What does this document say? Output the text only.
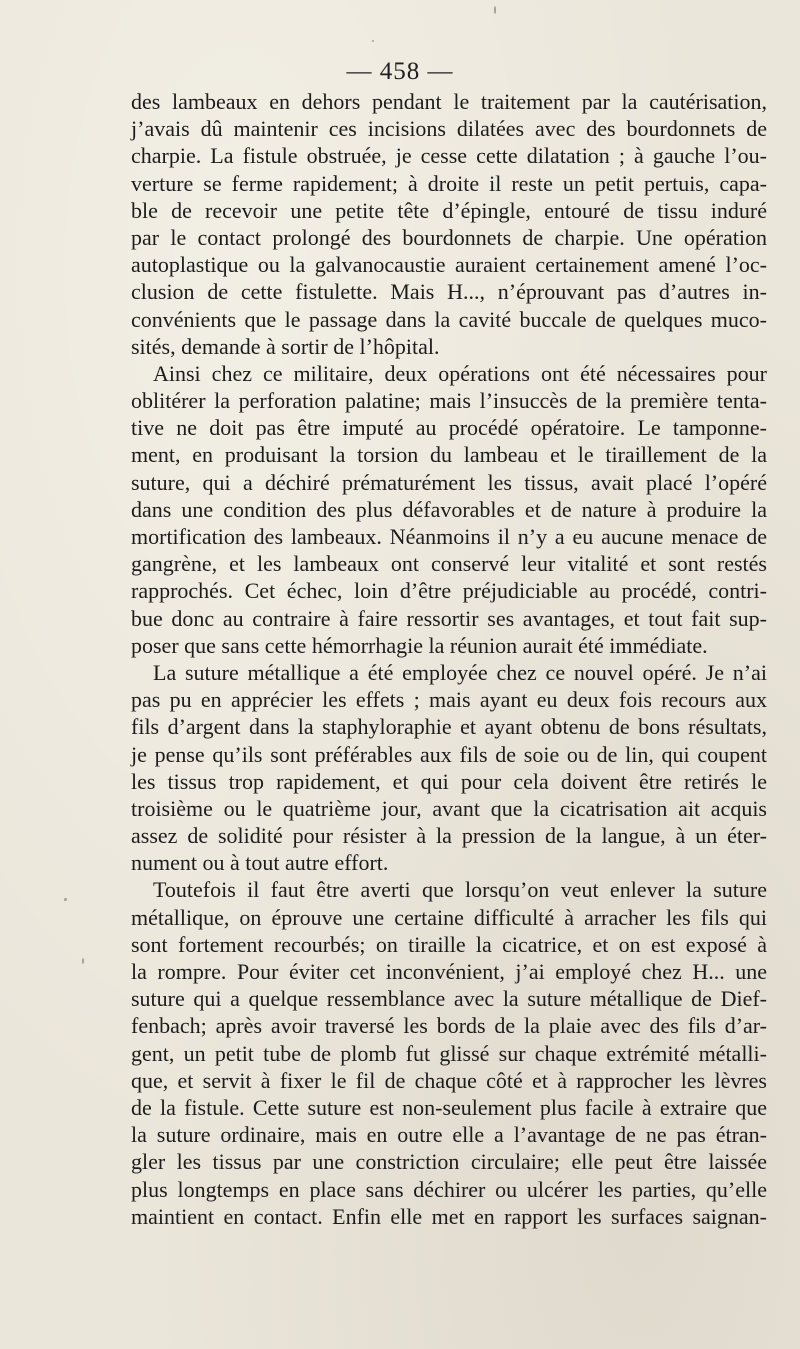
— 458 —
des lambeaux en dehors pendant le traitement par la cautérisation,
j’avais dû maintenir ces incisions dilatées avec des bourdonnets de
charpie. La fistule obstruée, je cesse cette dilatation ; à gauche l’ou-
verture se ferme rapidement; à droite il reste un petit pertuis, capa-
ble de recevoir une petite tête d’épingle, entouré de tissu induré
par le contact prolongé des bourdonnets de charpie. Une opération
autoplastique ou la galvanocaustie auraient certainement amené l’oc-
clusion de cette fistulette. Mais H..., n’éprouvant pas d’autres in-
convénients que le passage dans la cavité buccale de quelques muco-
sités, demande à sortir de l’hôpital.
Ainsi chez ce militaire, deux opérations ont été nécessaires pour
oblitérer la perforation palatine; mais l’insuccès de la première tenta-
tive ne doit pas être imputé au procédé opératoire. Le tamponne-
ment, en produisant la torsion du lambeau et le tiraillement de la
suture, qui a déchiré prématurément les tissus, avait placé l’opéré
dans une condition des plus défavorables et de nature à produire la
mortification des lambeaux. Néanmoins il n’y a eu aucune menace de
gangrène, et les lambeaux ont conservé leur vitalité et sont restés
rapprochés. Cet échec, loin d’être préjudiciable au procédé, contri-
bue donc au contraire à faire ressortir ses avantages, et tout fait sup-
poser que sans cette hémorrhagie la réunion aurait été immédiate.
La suture métallique a été employée chez ce nouvel opéré. Je n’ai
pas pu en apprécier les effets ; mais ayant eu deux fois recours aux
fils d’argent dans la staphyloraphie et ayant obtenu de bons résultats,
je pense qu’ils sont préférables aux fils de soie ou de lin, qui coupent
les tissus trop rapidement, et qui pour cela doivent être retirés le
troisième ou le quatrième jour, avant que la cicatrisation ait acquis
assez de solidité pour résister à la pression de la langue, à un éter-
nument ou à tout autre effort.
Toutefois il faut être averti que lorsqu’on veut enlever la suture
métallique, on éprouve une certaine difficulté à arracher les fils qui
sont fortement recourbés; on tiraille la cicatrice, et on est exposé à
la rompre. Pour éviter cet inconvénient, j’ai employé chez H... une
suture qui a quelque ressemblance avec la suture métallique de Dief-
fenbach; après avoir traversé les bords de la plaie avec des fils d’ar-
gent, un petit tube de plomb fut glissé sur chaque extrémité métalli-
que, et servit à fixer le fil de chaque côté et à rapprocher les lèvres
de la fistule. Cette suture est non-seulement plus facile à extraire que
la suture ordinaire, mais en outre elle a l’avantage de ne pas étran-
gler les tissus par une constriction circulaire; elle peut être laissée
plus longtemps en place sans déchirer ou ulcérer les parties, qu’elle
maintient en contact. Enfin elle met en rapport les surfaces saignan-
